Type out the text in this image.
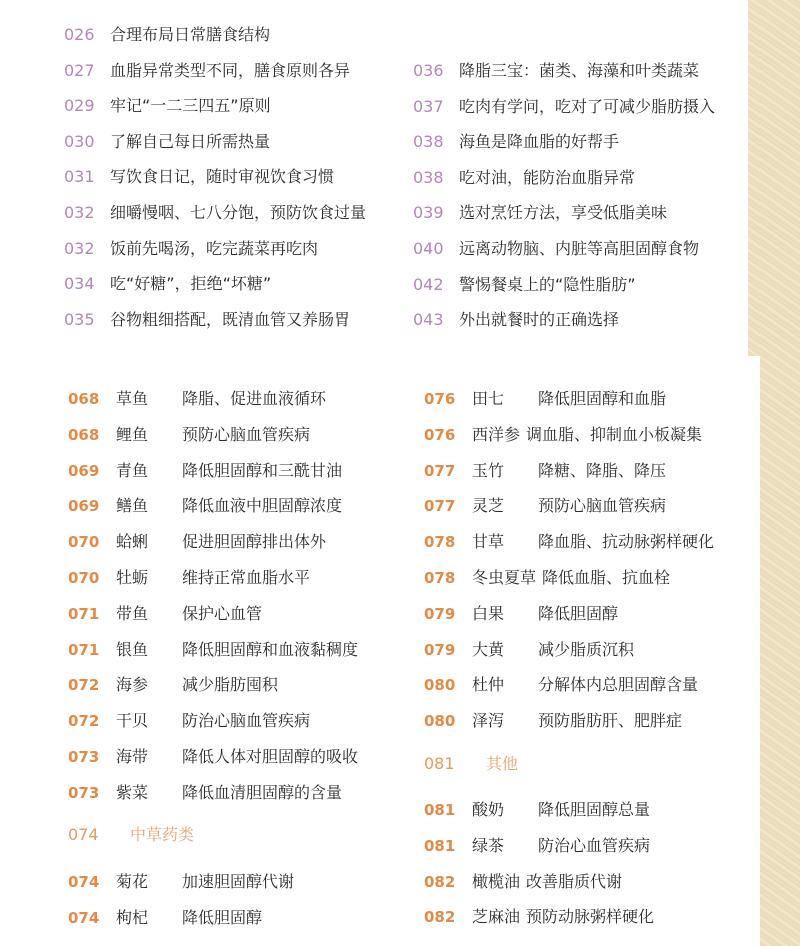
026 合理布局日常膳食结构
027 血脂异常类型不同，膳食原则各异
029 牢记“一二三四五”原则
030 了解自己每日所需热量
031 写饮食日记，随时审视饮食习惯
032 细嚼慢咽、七八分饱，预防饮食过量
032 饭前先喝汤，吃完蔬菜再吃肉
034 吃“好糖”，拒绝“坏糖”
035 谷物粗细搭配，既清血管又养肠胃
036 降脂三宝：菌类、海藻和叶类蔬菜
037 吃肉有学问，吃对了可减少脂肪摄入
038 海鱼是降血脂的好帮手
038 吃对油，能防治血脂异常
039 选对烹饪方法，享受低脂美味
040 远离动物脑、内脏等高胆固醇食物
042 警惕餐桌上的“隐性脂肪”
043 外出就餐时的正确选择
068 草鱼 降脂、促进血液循环
068 鲤鱼 预防心脑血管疾病
069 青鱼 降低胆固醇和三酰甘油
069 鳝鱼 降低血液中胆固醇浓度
070 蛤蜊 促进胆固醇排出体外
070 牡蛎 维持正常血脂水平
071 带鱼 保护心血管
071 银鱼 降低胆固醇和血液黏稠度
072 海参 减少脂肪囤积
072 干贝 防治心脑血管疾病
073 海带 降低人体对胆固醇的吸收
073 紫菜 降低血清胆固醇的含量
074 中草药类
074 菊花 加速胆固醇代谢
074 枸杞 降低胆固醇
076 田七 降低胆固醇和血脂
076 西洋参 调血脂、抑制血小板凝集
077 玉竹 降糖、降脂、降压
077 灵芝 预防心脑血管疾病
078 甘草 降血脂、抗动脉粥样硬化
078 冬虫夏草 降低血脂、抗血栓
079 白果 降低胆固醇
079 大黄 减少脂质沉积
080 杜仲 分解体内总胆固醇含量
080 泽泻 预防脂肪肝、肥胖症
081 其他
081 酸奶 降低胆固醇总量
081 绿茶 防治心血管疾病
082 橄榄油 改善脂质代谢
082 芝麻油 预防动脉粥样硬化
